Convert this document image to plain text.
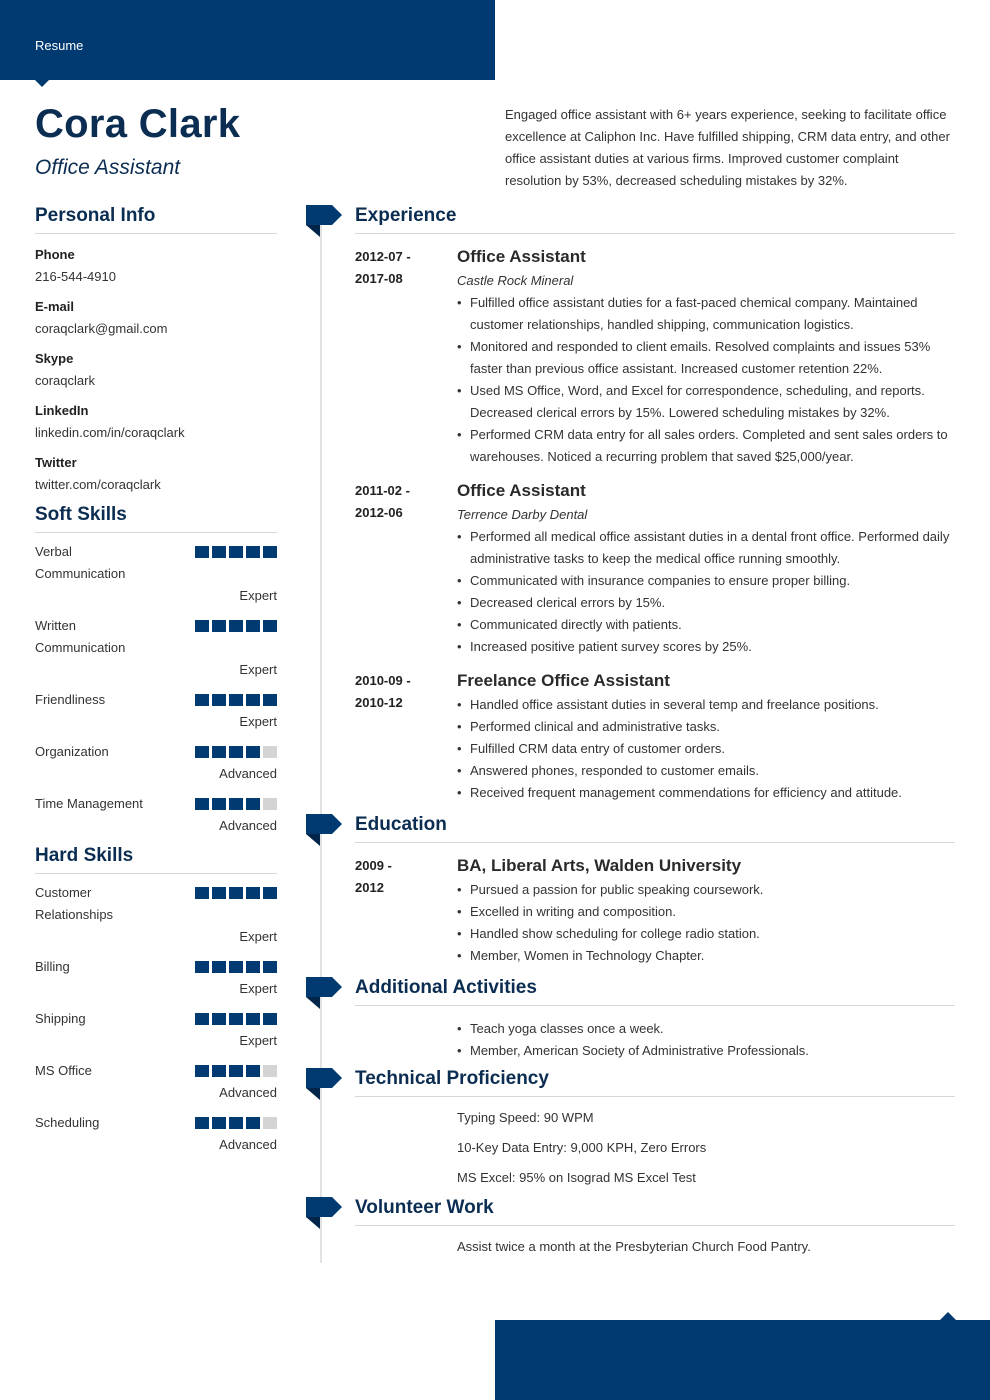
Resume
Cora Clark
Office Assistant
Engaged office assistant with 6+ years experience, seeking to facilitate office excellence at Caliphon Inc. Have fulfilled shipping, CRM data entry, and other office assistant duties at various firms. Improved customer complaint resolution by 53%, decreased scheduling mistakes by 32%.
Personal Info
Phone
216-544-4910
E-mail
coraqclark@gmail.com
Skype
coraqclark
LinkedIn
linkedin.com/in/coraqclark
Twitter
twitter.com/coraqclark
Soft Skills
Verbal Communication
Expert
Written Communication
Expert
Friendliness
Expert
Organization
Advanced
Time Management
Advanced
Hard Skills
Customer Relationships
Expert
Billing
Expert
Shipping
Expert
MS Office
Advanced
Scheduling
Advanced
Experience
2012-07 -
2017-08
Office Assistant
Castle Rock Mineral
• Fulfilled office assistant duties for a fast-paced chemical company. Maintained customer relationships, handled shipping, communication logistics.
• Monitored and responded to client emails. Resolved complaints and issues 53% faster than previous office assistant. Increased customer retention 22%.
• Used MS Office, Word, and Excel for correspondence, scheduling, and reports. Decreased clerical errors by 15%. Lowered scheduling mistakes by 32%.
• Performed CRM data entry for all sales orders. Completed and sent sales orders to warehouses. Noticed a recurring problem that saved $25,000/year.
2011-02 -
2012-06
Office Assistant
Terrence Darby Dental
• Performed all medical office assistant duties in a dental front office. Performed daily administrative tasks to keep the medical office running smoothly.
• Communicated with insurance companies to ensure proper billing.
• Decreased clerical errors by 15%.
• Communicated directly with patients.
• Increased positive patient survey scores by 25%.
2010-09 -
2010-12
Freelance Office Assistant
• Handled office assistant duties in several temp and freelance positions.
• Performed clinical and administrative tasks.
• Fulfilled CRM data entry of customer orders.
• Answered phones, responded to customer emails.
• Received frequent management commendations for efficiency and attitude.
Education
2009 -
2012
BA, Liberal Arts, Walden University
• Pursued a passion for public speaking coursework.
• Excelled in writing and composition.
• Handled show scheduling for college radio station.
• Member, Women in Technology Chapter.
Additional Activities
• Teach yoga classes once a week.
• Member, American Society of Administrative Professionals.
Technical Proficiency
Typing Speed: 90 WPM
10-Key Data Entry: 9,000 KPH, Zero Errors
MS Excel: 95% on Isograd MS Excel Test
Volunteer Work
Assist twice a month at the Presbyterian Church Food Pantry.
